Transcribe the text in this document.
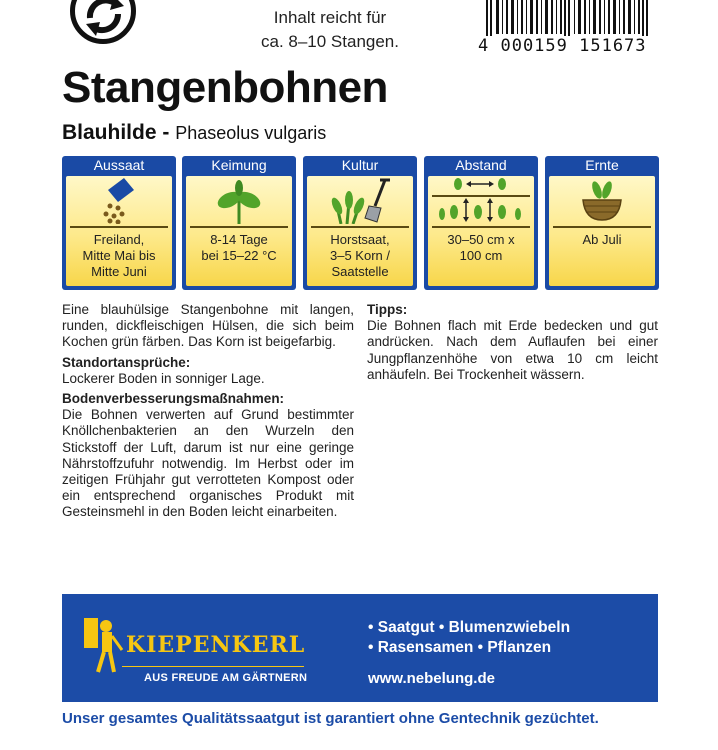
Inhalt reicht für
ca. 8–10 Stangen.	4 000159 151673
Stangenbohnen
Blauhilde - Phaseolus vulgaris
Aussaat
Freiland,
Mitte Mai bis
Mitte Juni
Keimung
8-14 Tage
bei 15–22 °C
Kultur
Horstsaat,
3–5 Korn /
Saatstelle
Abstand
30–50 cm x
100 cm
Ernte
Ab Juli

Eine blauhülsige Stangenbohne mit langen, runden, dickfleischigen Hülsen, die sich beim Kochen grün färben. Das Korn ist beigefarbig.

Standortansprüche:

Lockerer Boden in sonniger Lage.

Bodenverbesserungsmaßnahmen:

Die Bohnen verwerten auf Grund bestimmter Knöllchenbakterien an den Wurzeln den Stickstoff der Luft, darum ist nur eine geringe Nährstoffzufuhr notwendig. Im Herbst oder im zeitigen Frühjahr gut verrotteten Kompost oder ein entsprechend organisches Produkt mit Gesteinsmehl in den Boden leicht einarbeiten.

Tipps:

Die Bohnen flach mit Erde bedecken und gut andrücken. Nach dem Auflaufen bei einer Jungpflanzenhöhe von etwa 10 cm leicht anhäufeln. Bei Trockenheit wässern.

KIEPENKERL
AUS FREUDE AM GÄRTNERN
• Saatgut • Blumenzwiebeln
• Rasensamen • Pflanzen
www.nebelung.de
Unser gesamtes Qualitätssaatgut ist garantiert ohne Gentechnik gezüchtet.
